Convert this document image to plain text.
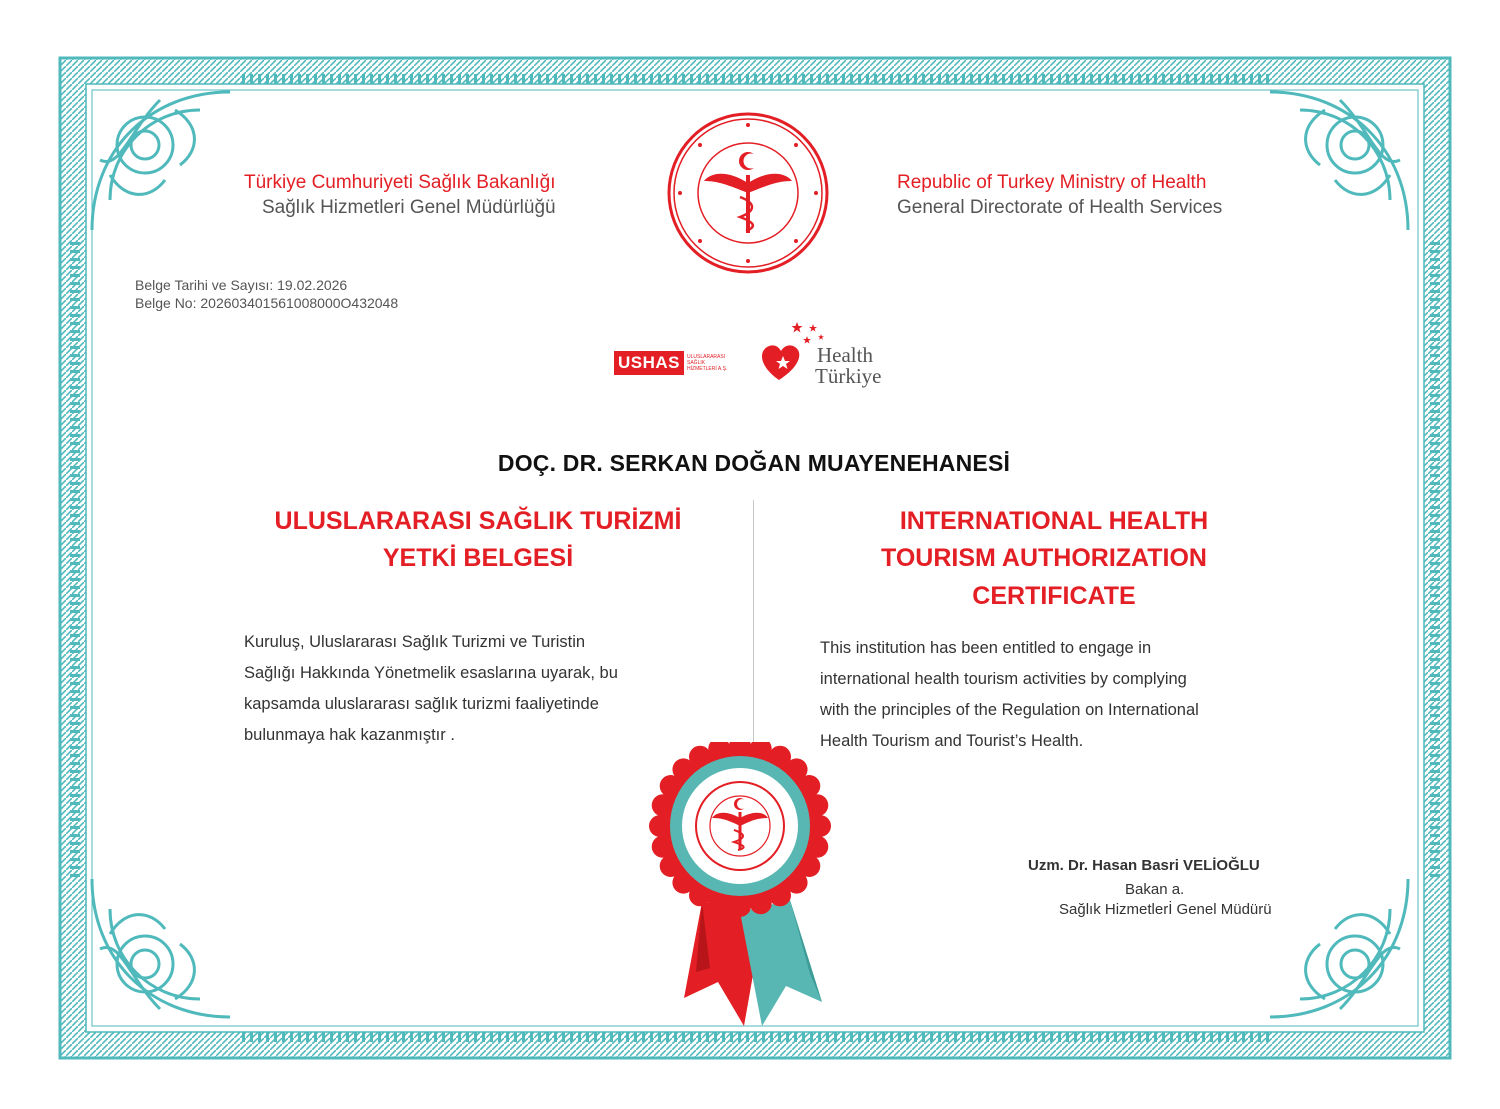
Türkiye Cumhuriyeti Sağlık Bakanlığı
Sağlık Hizmetleri Genel Müdürlüğü
Republic of Turkey Ministry of Health
General Directorate of Health Services
Belge Tarihi ve Sayısı: 19.02.2026
Belge No: 202603401561008000O432048
USHAS	ULUSLARARASI
SAĞLIK
HİZMETLERİ A.Ş.
Health
Türkiye
DOÇ. DR. SERKAN DOĞAN MUAYENEHANESİ
ULUSLARARASI SAĞLIK TURİZMİ
YETKİ BELGESİ
Kuruluş, Uluslararası Sağlık Turizmi ve Turistin
Sağlığı Hakkında Yönetmelik esaslarına uyarak, bu
kapsamda uluslararası sağlık turizmi faaliyetinde
bulunmaya hak kazanmıştır .
INTERNATIONAL HEALTH
TOURISM AUTHORIZATION
CERTIFICATE
This institution has been entitled to engage in
international health tourism activities by complying
with the principles of the Regulation on International
Health Tourism and Tourist’s Health.
Uzm. Dr. Hasan Basri VELİOĞLU
Bakan a.
Sağlık Hizmetlerİ Genel Müdürü
